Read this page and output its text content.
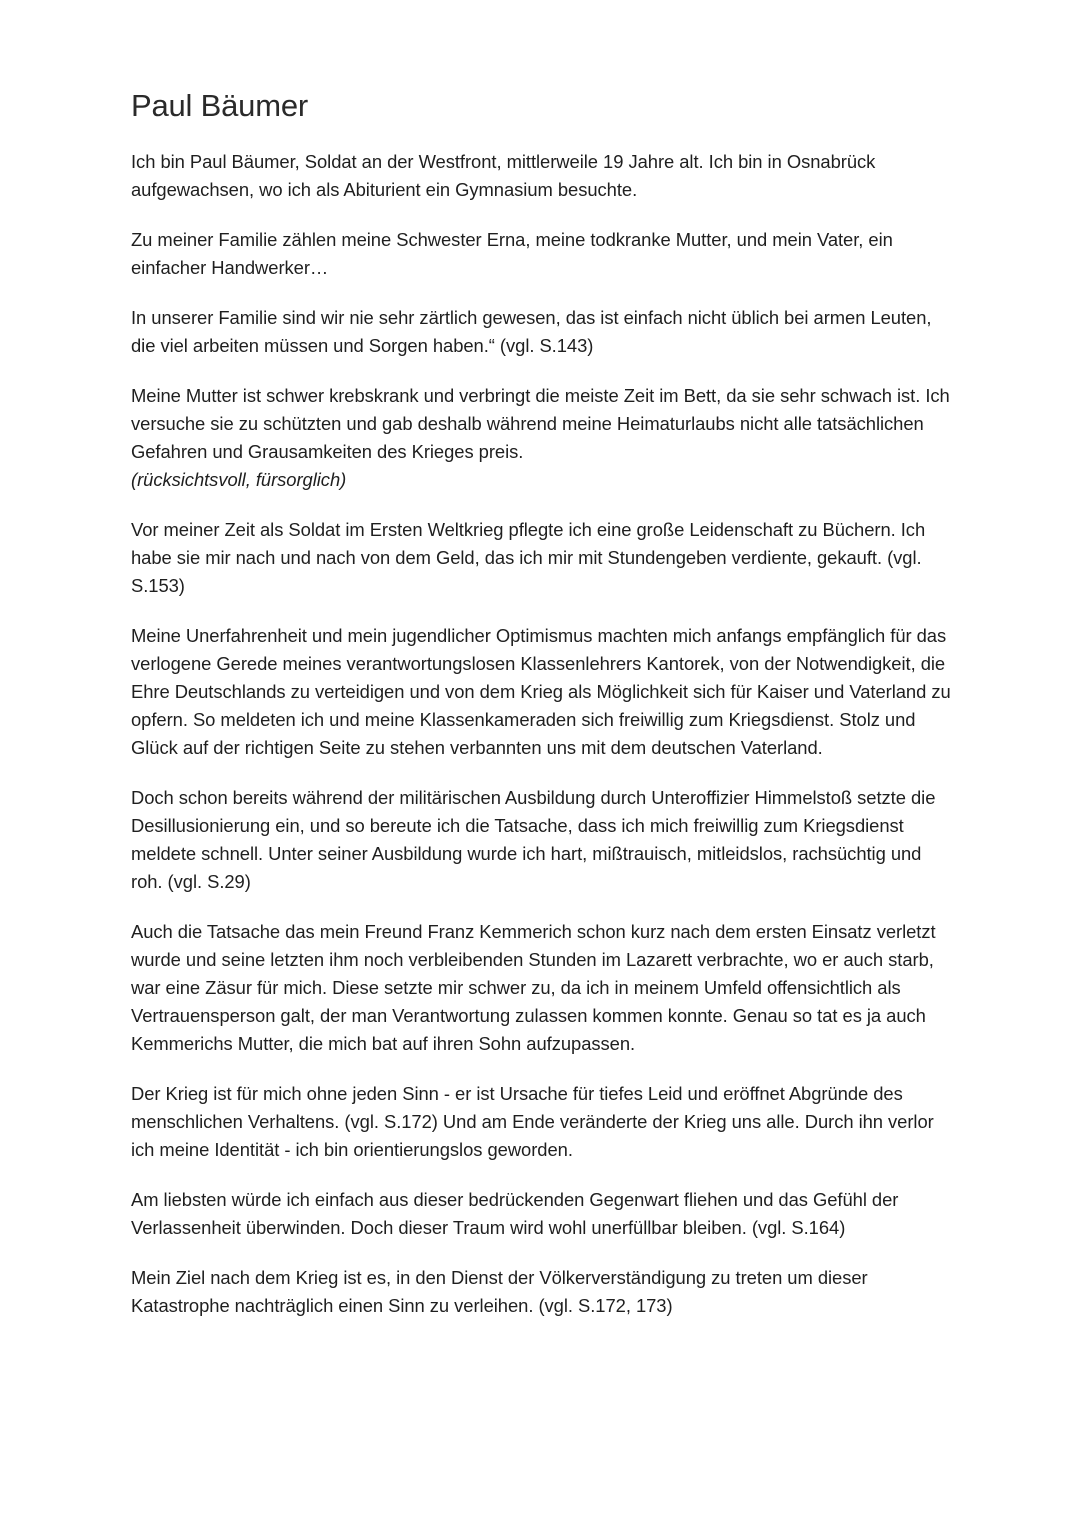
Paul Bäumer

Ich bin Paul Bäumer, Soldat an der Westfront, mittlerweile 19 Jahre alt. Ich bin in Osnabrück aufgewachsen, wo ich als Abiturient ein Gymnasium besuchte.

Zu meiner Familie zählen meine Schwester Erna, meine todkranke Mutter, und mein Vater, ein einfacher Handwerker…

In unserer Familie sind wir nie sehr zärtlich gewesen, das ist einfach nicht üblich bei armen Leuten, die viel arbeiten müssen und Sorgen haben.“ (vgl. S.143)

Meine Mutter ist schwer krebskrank und verbringt die meiste Zeit im Bett, da sie sehr schwach ist. Ich versuche sie zu schützten und gab deshalb während meine Heimaturlaubs nicht alle tatsächlichen Gefahren und Grausamkeiten des Krieges preis.
(rücksichtsvoll, fürsorglich)

Vor meiner Zeit als Soldat im Ersten Weltkrieg pflegte ich eine große Leidenschaft zu Büchern. Ich habe sie mir nach und nach von dem Geld, das ich mir mit Stundengeben verdiente, gekauft. (vgl. S.153)

Meine Unerfahrenheit und mein jugendlicher Optimismus machten mich anfangs empfänglich für das verlogene Gerede meines verantwortungslosen Klassenlehrers Kantorek, von der Notwendigkeit, die Ehre Deutschlands zu verteidigen und von dem Krieg als Möglichkeit sich für Kaiser und Vaterland zu opfern. So meldeten ich und meine Klassenkameraden sich freiwillig zum Kriegsdienst. Stolz und Glück auf der richtigen Seite zu stehen verbannten uns mit dem deutschen Vaterland.

Doch schon bereits während der militärischen Ausbildung durch Unteroffizier Himmelstoß setzte die Desillusionierung ein, und so bereute ich die Tatsache, dass ich mich freiwillig zum Kriegsdienst meldete schnell. Unter seiner Ausbildung wurde ich hart, mißtrauisch, mitleidslos, rachsüchtig und roh. (vgl. S.29)

Auch die Tatsache das mein Freund Franz Kemmerich schon kurz nach dem ersten Einsatz verletzt wurde und seine letzten ihm noch verbleibenden Stunden im Lazarett verbrachte, wo er auch starb, war eine Zäsur für mich. Diese setzte mir schwer zu, da ich in meinem Umfeld offensichtlich als Vertrauensperson galt, der man Verantwortung zulassen kommen konnte. Genau so tat es ja auch Kemmerichs Mutter, die mich bat auf ihren Sohn aufzupassen.

Der Krieg ist für mich ohne jeden Sinn - er ist Ursache für tiefes Leid und eröffnet Abgründe des menschlichen Verhaltens. (vgl. S.172) Und am Ende veränderte der Krieg uns alle. Durch ihn verlor ich meine Identität - ich bin orientierungslos geworden.

Am liebsten würde ich einfach aus dieser bedrückenden Gegenwart fliehen und das Gefühl der Verlassenheit überwinden. Doch dieser Traum wird wohl unerfüllbar bleiben. (vgl. S.164)

Mein Ziel nach dem Krieg ist es, in den Dienst der Völkerverständigung zu treten um dieser Katastrophe nachträglich einen Sinn zu verleihen. (vgl. S.172, 173)
